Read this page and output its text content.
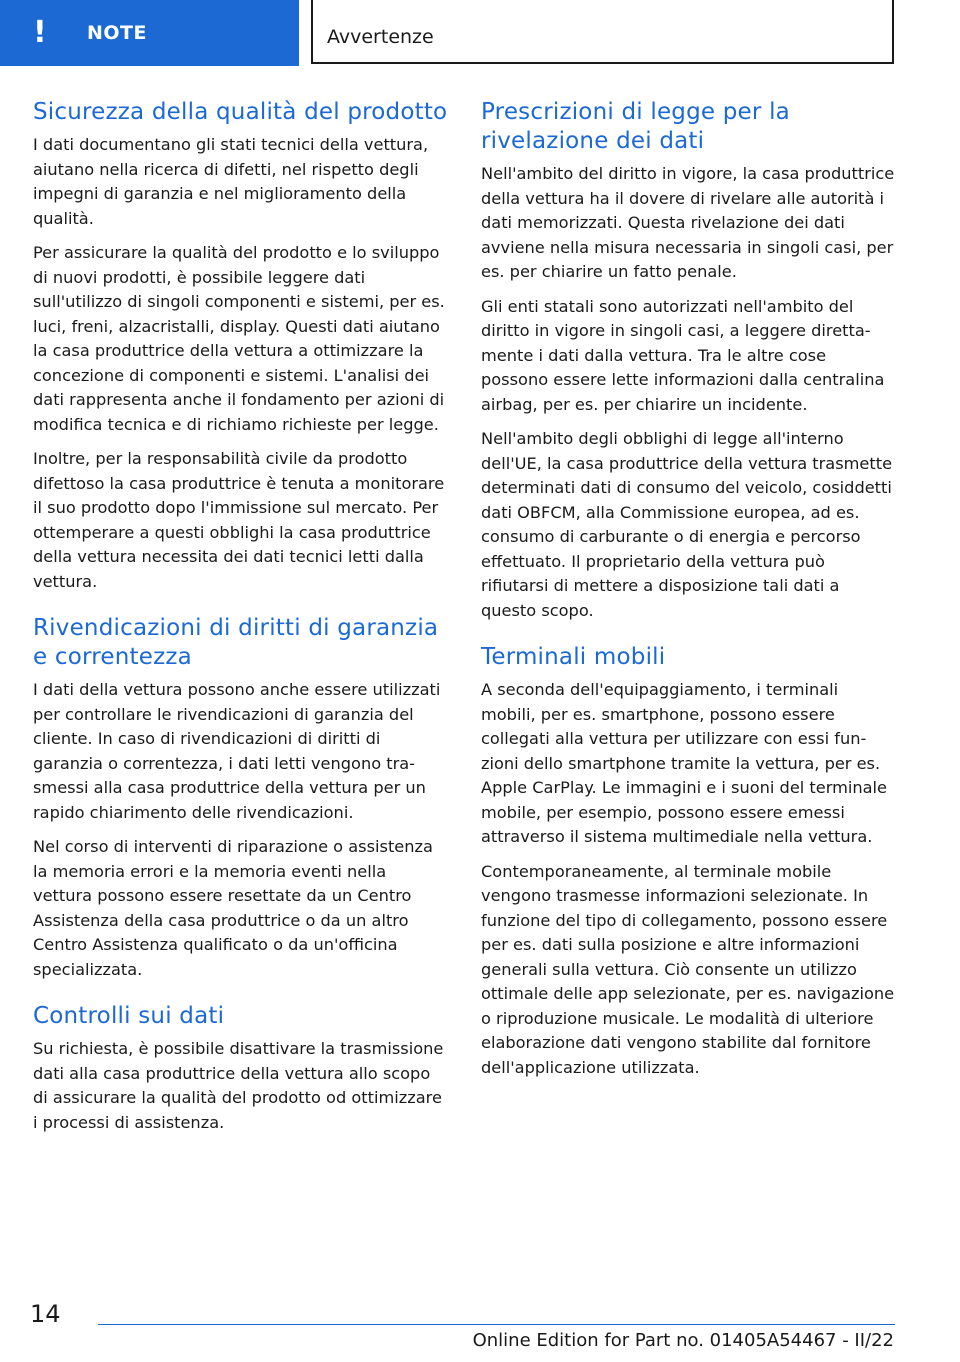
!	NOTE	Avvertenze
Sicurezza della qualità del prodotto

I dati documentano gli stati tecnici della vettura, aiutano nella ricerca di difetti, nel rispetto degli impegni di garanzia e nel miglioramento della qualità.

Per assicurare la qualità del prodotto e lo sviluppo di nuovi prodotti, è possibile leggere dati sull'utilizzo di singoli componenti e sistemi, per es. luci, freni, alzacristalli, display. Questi dati aiutano la casa produttrice della vettura a ottimizzare la concezione di componenti e sistemi. L'analisi dei dati rappresenta anche il fondamento per azioni di modifica tecnica e di richiamo richieste per legge.

Inoltre, per la responsabilità civile da prodotto difettoso la casa produttrice è tenuta a monitorare il suo prodotto dopo l'immissione sul mercato. Per ottemperare a questi obblighi la casa produttrice della vettura necessita dei dati tecnici letti dalla vettura.

Rivendicazioni di diritti di garanzia e correntezza

I dati della vettura possono anche essere utilizzati per controllare le rivendicazioni di garanzia del cliente. In caso di rivendicazioni di diritti di garanzia o correntezza, i dati letti vengono trasmessi alla casa produttrice della vettura per un rapido chiarimento delle rivendicazioni.

Nel corso di interventi di riparazione o assistenza la memoria errori e la memoria eventi nella vettura possono essere resettate da un Centro Assistenza della casa produttrice o da un altro Centro Assistenza qualificato o da un'officina specializzata.

Controlli sui dati

Su richiesta, è possibile disattivare la trasmissione dati alla casa produttrice della vettura allo scopo di assicurare la qualità del prodotto od ottimizzare i processi di assistenza.

Prescrizioni di legge per la rivelazione dei dati

Nell'ambito del diritto in vigore, la casa produttrice della vettura ha il dovere di rivelare alle autorità i dati memorizzati. Questa rivelazione dei dati avviene nella misura necessaria in singoli casi, per es. per chiarire un fatto penale.

Gli enti statali sono autorizzati nell'ambito del diritto in vigore in singoli casi, a leggere direttamente i dati dalla vettura. Tra le altre cose possono essere lette informazioni dalla centralina airbag, per es. per chiarire un incidente.

Nell'ambito degli obblighi di legge all'interno dell'UE, la casa produttrice della vettura trasmette determinati dati di consumo del veicolo, cosiddetti dati OBFCM, alla Commissione europea, ad es. consumo di carburante o di energia e percorso effettuato. Il proprietario della vettura può rifiutarsi di mettere a disposizione tali dati a questo scopo.

Terminali mobili

A seconda dell'equipaggiamento, i terminali mobili, per es. smartphone, possono essere collegati alla vettura per utilizzare con essi funzioni dello smartphone tramite la vettura, per es. Apple CarPlay. Le immagini e i suoni del terminale mobile, per esempio, possono essere emessi attraverso il sistema multimediale nella vettura.

Contemporaneamente, al terminale mobile vengono trasmesse informazioni selezionate. In funzione del tipo di collegamento, possono essere per es. dati sulla posizione e altre informazioni generali sulla vettura. Ciò consente un utilizzo ottimale delle app selezionate, per es. navigazione o riproduzione musicale. Le modalità di ulteriore elaborazione dati vengono stabilite dal fornitore dell'applicazione utilizzata.

14
Online Edition for Part no. 01405A54467 - II/22
